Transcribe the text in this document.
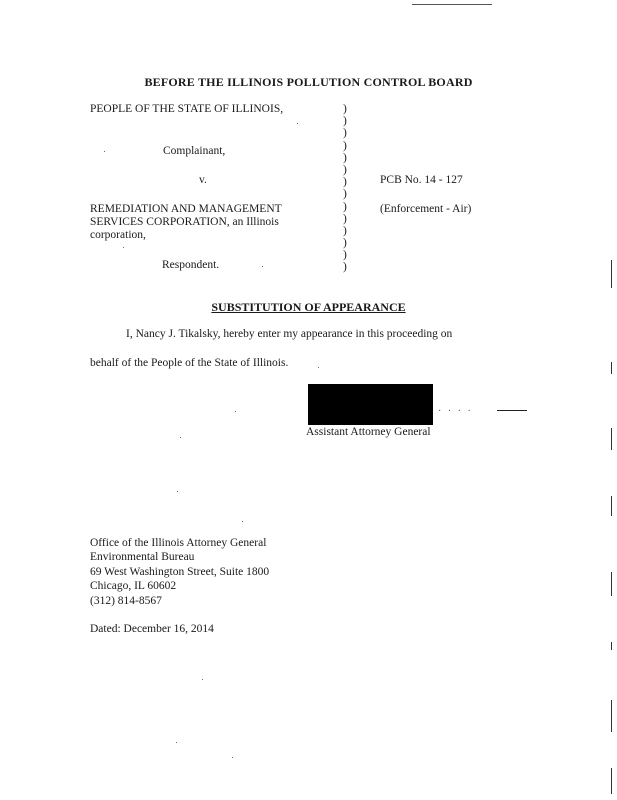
BEFORE THE ILLINOIS POLLUTION CONTROL BOARD
PEOPLE OF THE STATE OF ILLINOIS,
Complainant,
v.
REMEDIATION AND MANAGEMENT
SERVICES CORPORATION, an Illinois
corporation,
Respondent.
)
)
)
)
)
)
)
)
)
)
)
)
)
)
PCB No. 14 - 127
(Enforcement - Air)
SUBSTITUTION OF APPEARANCE
I, Nancy J. Tikalsky, hereby enter my appearance in this proceeding on
behalf of the People of the State of Illinois.
· · · ·
Assistant Attorney General
Office of the Illinois Attorney General
Environmental Bureau
69 West Washington Street, Suite 1800
Chicago, IL 60602
(312) 814-8567
Dated: December 16, 2014
